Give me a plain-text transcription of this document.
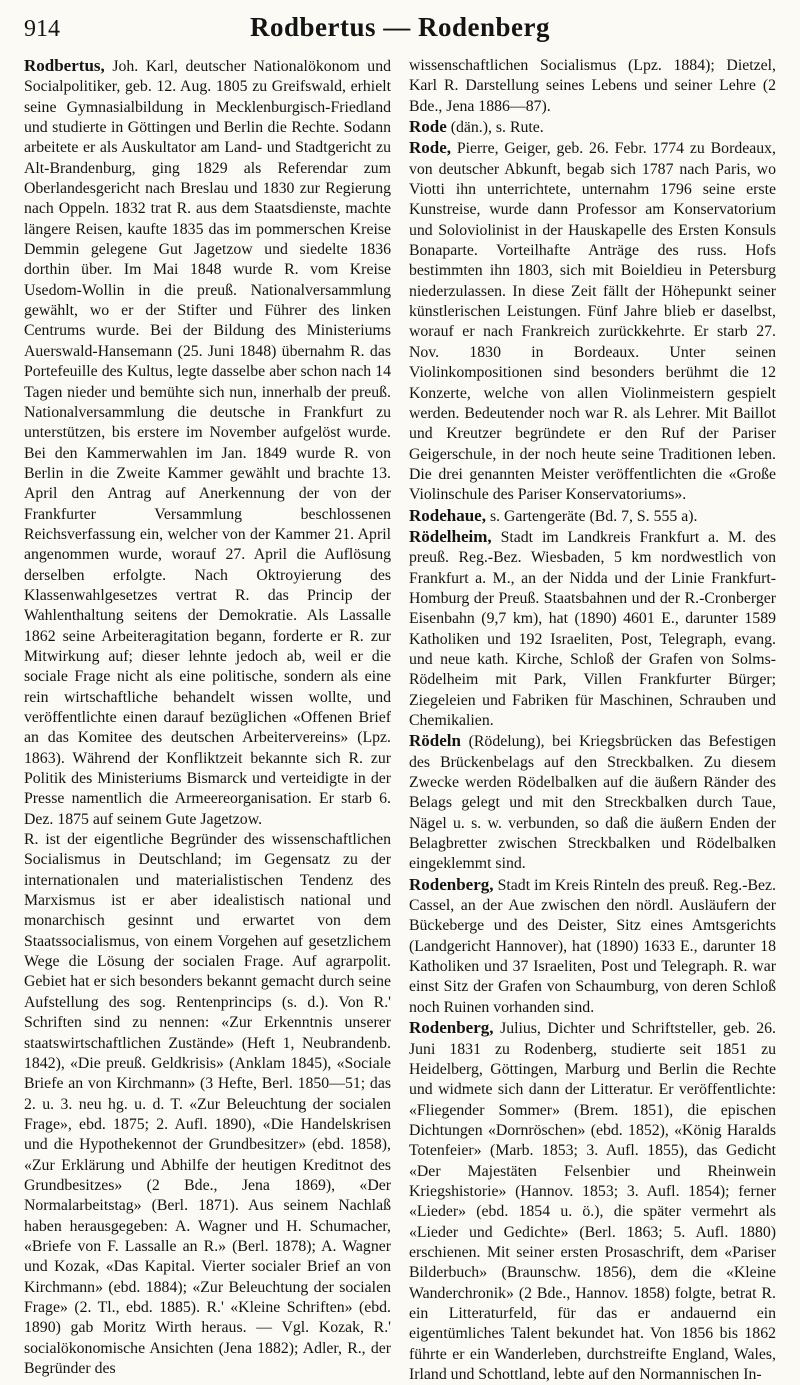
914	Rodbertus — Rodenberg

Rodbertus, Joh. Karl, deutscher Nationalökonom und Socialpolitiker, geb. 12. Aug. 1805 zu Greifswald, erhielt seine Gymnasialbildung in Mecklenburgisch-Friedland und studierte in Göttingen und Berlin die Rechte. Sodann arbeitete er als Auskultator am Land- und Stadtgericht zu Alt-Brandenburg, ging 1829 als Referendar zum Oberlandesgericht nach Breslau und 1830 zur Regierung nach Oppeln. 1832 trat R. aus dem Staatsdienste, machte längere Reisen, kaufte 1835 das im pommerschen Kreise Demmin gelegene Gut Jagetzow und siedelte 1836 dorthin über. Im Mai 1848 wurde R. vom Kreise Usedom-Wollin in die preuß. Nationalversammlung gewählt, wo er der Stifter und Führer des linken Centrums wurde. Bei der Bildung des Ministeriums Auerswald-Hansemann (25. Juni 1848) übernahm R. das Portefeuille des Kultus, legte dasselbe aber schon nach 14 Tagen nieder und bemühte sich nun, innerhalb der preuß. Nationalversammlung die deutsche in Frankfurt zu unterstützen, bis erstere im November aufgelöst wurde. Bei den Kammerwahlen im Jan. 1849 wurde R. von Berlin in die Zweite Kammer gewählt und brachte 13. April den Antrag auf Anerkennung der von der Frankfurter Versammlung beschlossenen Reichsverfassung ein, welcher von der Kammer 21. April angenommen wurde, worauf 27. April die Auflösung derselben erfolgte. Nach Oktroyierung des Klassenwahlgesetzes vertrat R. das Princip der Wahlenthaltung seitens der Demokratie. Als Lassalle 1862 seine Arbeiteragitation begann, forderte er R. zur Mitwirkung auf; dieser lehnte jedoch ab, weil er die sociale Frage nicht als eine politische, sondern als eine rein wirtschaftliche behandelt wissen wollte, und veröffentlichte einen darauf bezüglichen «Offenen Brief an das Komitee des deutschen Arbeitervereins» (Lpz. 1863). Während der Konfliktzeit bekannte sich R. zur Politik des Ministeriums Bismarck und verteidigte in der Presse namentlich die Armeereorganisation. Er starb 6. Dez. 1875 auf seinem Gute Jagetzow.

R. ist der eigentliche Begründer des wissenschaftlichen Socialismus in Deutschland; im Gegensatz zu der internationalen und materialistischen Tendenz des Marxismus ist er aber idealistisch national und monarchisch gesinnt und erwartet von dem Staatssocialismus, von einem Vorgehen auf gesetzlichem Wege die Lösung der socialen Frage. Auf agrarpolit. Gebiet hat er sich besonders bekannt gemacht durch seine Aufstellung des sog. Rentenprincips (s. d.). Von R.' Schriften sind zu nennen: «Zur Erkenntnis unserer staatswirtschaftlichen Zustände» (Heft 1, Neubrandenb. 1842), «Die preuß. Geldkrisis» (Anklam 1845), «Sociale Briefe an von Kirchmann» (3 Hefte, Berl. 1850—51; das 2. u. 3. neu hg. u. d. T. «Zur Beleuchtung der socialen Frage», ebd. 1875; 2. Aufl. 1890), «Die Handelskrisen und die Hypothekennot der Grundbesitzer» (ebd. 1858), «Zur Erklärung und Abhilfe der heutigen Kreditnot des Grundbesitzes» (2 Bde., Jena 1869), «Der Normalarbeitstag» (Berl. 1871). Aus seinem Nachlaß haben herausgegeben: A. Wagner und H. Schumacher, «Briefe von F. Lassalle an R.» (Berl. 1878); A. Wagner und Kozak, «Das Kapital. Vierter socialer Brief an von Kirchmann» (ebd. 1884); «Zur Beleuchtung der socialen Frage» (2. Tl., ebd. 1885). R.' «Kleine Schriften» (ebd. 1890) gab Moritz Wirth heraus. — Vgl. Kozak, R.' socialökonomische Ansichten (Jena 1882); Adler, R., der Begründer des

wissenschaftlichen Socialismus (Lpz. 1884); Dietzel, Karl R. Darstellung seines Lebens und seiner Lehre (2 Bde., Jena 1886—87).

Rode (dän.), s. Rute.

Rode, Pierre, Geiger, geb. 26. Febr. 1774 zu Bordeaux, von deutscher Abkunft, begab sich 1787 nach Paris, wo Viotti ihn unterrichtete, unternahm 1796 seine erste Kunstreise, wurde dann Professor am Konservatorium und Soloviolinist in der Hauskapelle des Ersten Konsuls Bonaparte. Vorteilhafte Anträge des russ. Hofs bestimmten ihn 1803, sich mit Boieldieu in Petersburg niederzulassen. In diese Zeit fällt der Höhepunkt seiner künstlerischen Leistungen. Fünf Jahre blieb er daselbst, worauf er nach Frankreich zurückkehrte. Er starb 27. Nov. 1830 in Bordeaux. Unter seinen Violinkompositionen sind besonders berühmt die 12 Konzerte, welche von allen Violinmeistern gespielt werden. Bedeutender noch war R. als Lehrer. Mit Baillot und Kreutzer begründete er den Ruf der Pariser Geigerschule, in der noch heute seine Traditionen leben. Die drei genannten Meister veröffentlichten die «Große Violinschule des Pariser Konservatoriums».

Rodehaue, s. Gartengeräte (Bd. 7, S. 555 a).

Rödelheim, Stadt im Landkreis Frankfurt a. M. des preuß. Reg.-Bez. Wiesbaden, 5 km nordwestlich von Frankfurt a. M., an der Nidda und der Linie Frankfurt-Homburg der Preuß. Staatsbahnen und der R.-Cronberger Eisenbahn (9,7 km), hat (1890) 4601 E., darunter 1589 Katholiken und 192 Israeliten, Post, Telegraph, evang. und neue kath. Kirche, Schloß der Grafen von Solms-Rödelheim mit Park, Villen Frankfurter Bürger; Ziegeleien und Fabriken für Maschinen, Schrauben und Chemikalien.

Rödeln (Rödelung), bei Kriegsbrücken das Befestigen des Brückenbelags auf den Streckbalken. Zu diesem Zwecke werden Rödelbalken auf die äußern Ränder des Belags gelegt und mit den Streckbalken durch Taue, Nägel u. s. w. verbunden, so daß die äußern Enden der Belagbretter zwischen Streckbalken und Rödelbalken eingeklemmt sind.

Rodenberg, Stadt im Kreis Rinteln des preuß. Reg.-Bez. Cassel, an der Aue zwischen den nördl. Ausläufern der Bückeberge und des Deister, Sitz eines Amtsgerichts (Landgericht Hannover), hat (1890) 1633 E., darunter 18 Katholiken und 37 Israeliten, Post und Telegraph. R. war einst Sitz der Grafen von Schaumburg, von deren Schloß noch Ruinen vorhanden sind.

Rodenberg, Julius, Dichter und Schriftsteller, geb. 26. Juni 1831 zu Rodenberg, studierte seit 1851 zu Heidelberg, Göttingen, Marburg und Berlin die Rechte und widmete sich dann der Litteratur. Er veröffentlichte: «Fliegender Sommer» (Brem. 1851), die epischen Dichtungen «Dornröschen» (ebd. 1852), «König Haralds Totenfeier» (Marb. 1853; 3. Aufl. 1855), das Gedicht «Der Majestäten Felsenbier und Rheinwein Kriegshistorie» (Hannov. 1853; 3. Aufl. 1854); ferner «Lieder» (ebd. 1854 u. ö.), die später vermehrt als «Lieder und Gedichte» (Berl. 1863; 5. Aufl. 1880) erschienen. Mit seiner ersten Prosaschrift, dem «Pariser Bilderbuch» (Braunschw. 1856), dem die «Kleine Wanderchronik» (2 Bde., Hannov. 1858) folgte, betrat R. ein Litteraturfeld, für das er andauernd ein eigentümliches Talent bekundet hat. Von 1856 bis 1862 führte er ein Wanderleben, durchstreifte England, Wales, Irland und Schottland, lebte auf den Normannischen In-
